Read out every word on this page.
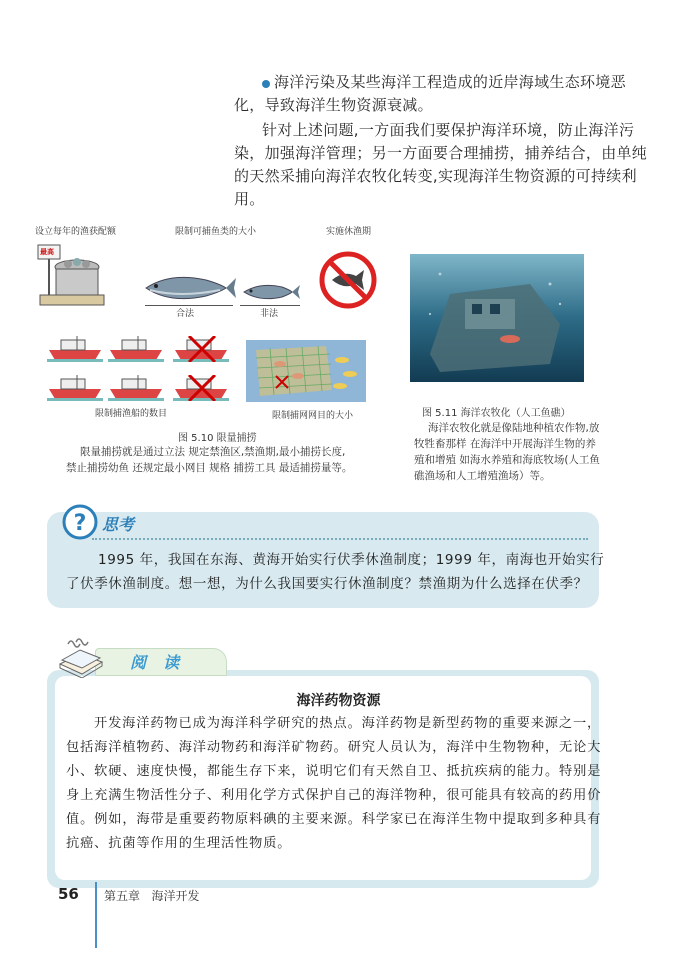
海洋污染及某些海洋工程造成的近岸海域生态环境恶
化，导致海洋生物资源衰减。
针对上述问题,一方面我们要保护海洋环境，防止海洋污
染，加强海洋管理；另一方面要合理捕捞，捕养结合，由单纯
的天然采捕向海洋农牧化转变,实现海洋生物资源的可持续利
用。
设立每年的渔获配额	限制可捕鱼类的大小	实施休渔期
最高
合法	非法
限制捕渔船的数目	限制捕网网目的大小
图 5.10 限量捕捞
限量捕捞就是通过立法 规定禁渔区,禁渔期,最小捕捞长度,
禁止捕捞幼鱼 还规定最小网目 规格 捕捞工具 最适捕捞量等。
图 5.11 海洋农牧化（人工鱼礁）
海洋农牧化就是像陆地种植农作物,放
牧牲畜那样 在海洋中开展海洋生物的养
殖和增殖 如海水养殖和海底牧场(人工鱼
礁渔场和人工增殖渔场）等。
? 思考
1995 年，我国在东海、黄海开始实行伏季休渔制度；1999 年，南海也开始实行
了伏季休渔制度。想一想，为什么我国要实行休渔制度？禁渔期为什么选择在伏季？
阅  读
海洋药物资源
开发海洋药物已成为海洋科学研究的热点。海洋药物是新型药物的重要来源之一，
包括海洋植物药、海洋动物药和海洋矿物药。研究人员认为，海洋中生物物种，无论大
小、软硬、速度快慢，都能生存下来，说明它们有天然自卫、抵抗疾病的能力。特别是
身上充满生物活性分子、利用化学方式保护自己的海洋物种，很可能具有较高的药用价
值。例如，海带是重要药物原料碘的主要来源。科学家已在海洋生物中提取到多种具有
抗癌、抗菌等作用的生理活性物质。
56 第五章   海洋开发
